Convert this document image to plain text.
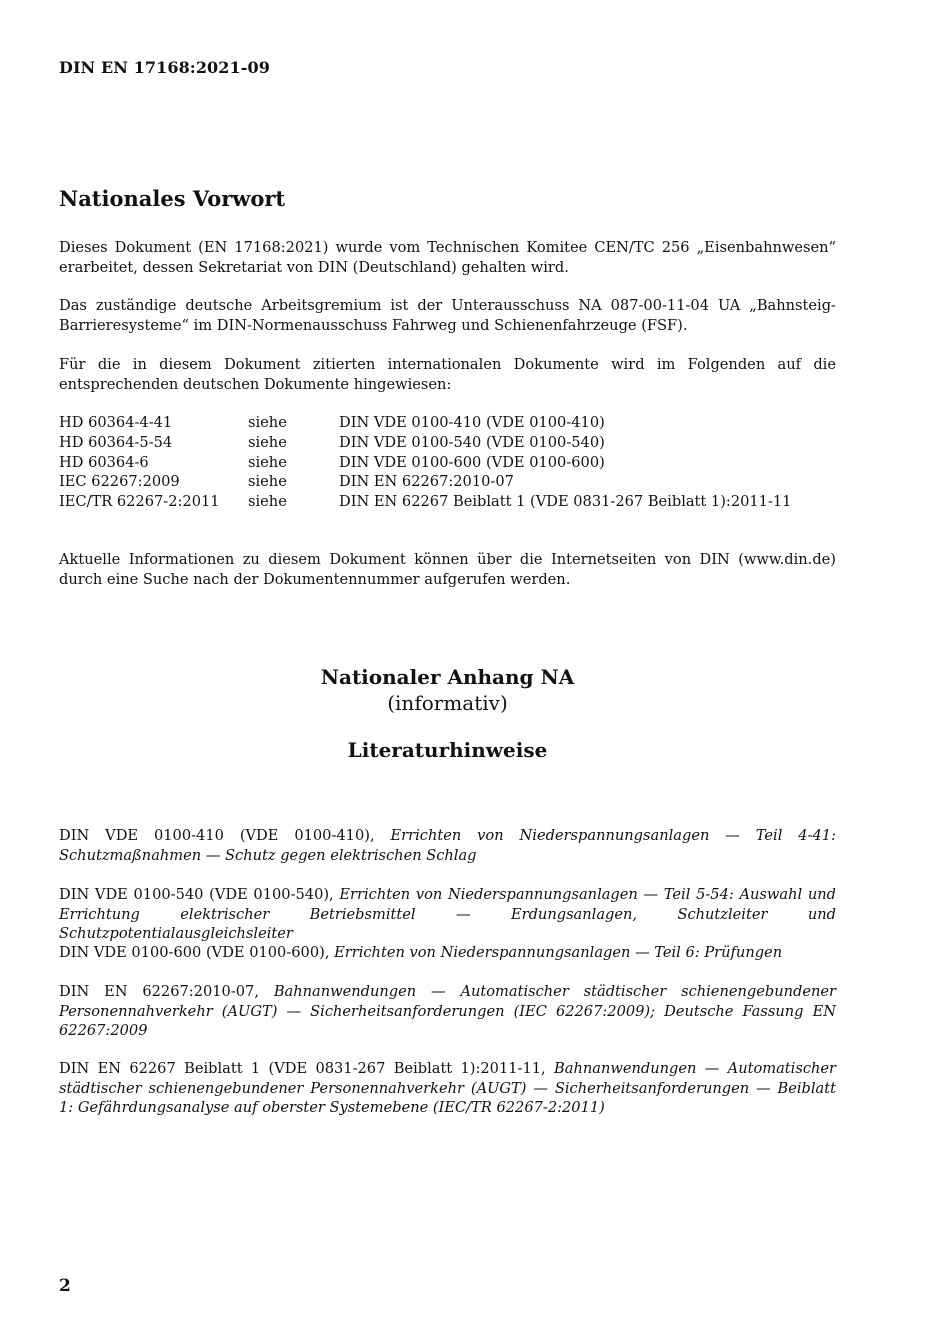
DIN EN 17168:2021-09
Nationales Vorwort
Dieses Dokument (EN 17168:2021) wurde vom Technischen Komitee CEN/TC 256 „Eisenbahnwesen“ erarbeitet, dessen Sekretariat von DIN (Deutschland) gehalten wird.
Das zuständige deutsche Arbeitsgremium ist der Unterausschuss NA 087-00-11-04 UA „Bahnsteig-Barrieresysteme“ im DIN-Normenausschuss Fahrweg und Schienenfahrzeuge (FSF).
Für die in diesem Dokument zitierten internationalen Dokumente wird im Folgenden auf die entsprechenden deutschen Dokumente hingewiesen:
HD 60364-4-41	siehe	DIN VDE 0100-410 (VDE 0100-410)
HD 60364-5-54	siehe	DIN VDE 0100-540 (VDE 0100-540)
HD 60364-6	siehe	DIN VDE 0100-600 (VDE 0100-600)
IEC 62267:2009	siehe	DIN EN 62267:2010-07
IEC/TR 62267-2:2011	siehe	DIN EN 62267 Beiblatt 1 (VDE 0831-267 Beiblatt 1):2011-11
Aktuelle Informationen zu diesem Dokument können über die Internetseiten von DIN (www.din.de) durch eine Suche nach der Dokumentennummer aufgerufen werden.
Nationaler Anhang NA
(informativ)
Literaturhinweise
DIN VDE 0100-410 (VDE 0100-410), Errichten von Niederspannungsanlagen — Teil 4-41: Schutzmaßnahmen — Schutz gegen elektrischen Schlag
DIN VDE 0100-540 (VDE 0100-540), Errichten von Niederspannungsanlagen — Teil 5-54: Auswahl und Errichtung elektrischer Betriebsmittel — Erdungsanlagen, Schutzleiter und Schutzpotentialausgleichsleiter
DIN VDE 0100-600 (VDE 0100-600), Errichten von Niederspannungsanlagen — Teil 6: Prüfungen
DIN EN 62267:2010-07, Bahnanwendungen — Automatischer städtischer schienengebundener Personennahverkehr (AUGT) — Sicherheitsanforderungen (IEC 62267:2009); Deutsche Fassung EN 62267:2009
DIN EN 62267 Beiblatt 1 (VDE 0831-267 Beiblatt 1):2011-11, Bahnanwendungen — Automatischer städtischer schienengebundener Personennahverkehr (AUGT) — Sicherheitsanforderungen — Beiblatt 1: Gefährdungsanalyse auf oberster Systemebene (IEC/TR 62267-2:2011)
2
